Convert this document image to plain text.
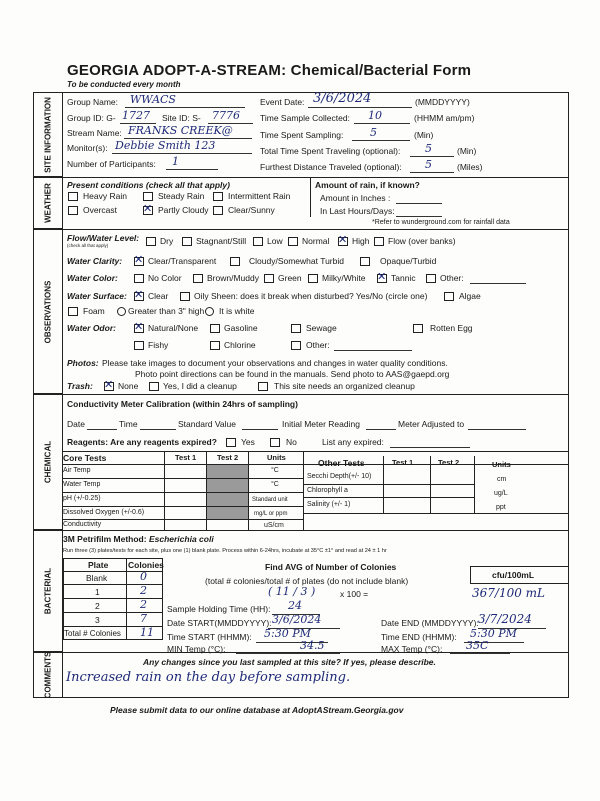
GEORGIA ADOPT-A-STREAM: Chemical/Bacterial Form
To be conducted every month
SITE INFORMATION
WEATHER
OBSERVATIONS
CHEMICAL
BACTERIAL
COMMENTS
Group Name: WWACS
Group ID: G- 1727 Site ID: S- 7776
Stream Name: FRANKS CREEK@
Monitor(s): Debbie Smith 123
Number of Participants: 1
Event Date: 3/6/2024	(MMDDYYYY)
Time Sample Collected: 10	(HHMM am/pm)
Time Spent Sampling: 5	(Min)
Total Time Spent Traveling (optional): 5	(Min)
Furthest Distance Traveled (optional): 5	(Miles)
Present conditions (check all that apply)
Heavy Rain	Steady Rain	Intermittent Rain
Overcast ✕	Partly Cloudy Clear/Sunny
Amount of rain, if known?
Amount in Inches :
In Last Hours/Days:
*Refer to wunderground.com for rainfall data
Flow/Water Level:
(check all that apply)	Dry	Stagnant/Still Low Normal ✕	High Flow (over banks)
Water Clarity: ✕	Clear/Transparent	Cloudy/Somewhat Turbid	Opaque/Turbid
Water Color:	No Color	Brown/Muddy Green Milky/White ✕	Tannic	Other:
Water Surface: ✕ Clear	Oily Sheen: does it break when disturbed? Yes/No (circle one)	Algae
Foam	Greater than 3" high It is white
Water Odor: ✕	Natural/None	Gasoline	Sewage	Rotten Egg
Fishy	Chlorine	Other:
Photos: Please take images to document your observations and changes in water quality conditions.
Photo point directions can be found in the manuals. Send photo to AAS@gaepd.org
Trash: ✕	None	Yes, I did a cleanup	This site needs an organized cleanup
Conductivity Meter Calibration (within 24hrs of sampling)
Date	Time	Standard Value	Initial Meter Reading	Meter Adjusted to
Reagents: Are any reagents expired?	Yes	No	List any expired:
Core Tests	Test 1	Test 2	Units
Air Temp	°C
Water Temp	°C
pH (+/-0.25)	Standard unit
Dissolved Oxygen (+/-0.6)	mg/L or ppm
Conductivity	uS/cm
Other Tests	Test 1	Test 2	Units
Secchi Depth(+/- 10)	cm
Chlorophyll a	ug/L
Salinity (+/- 1)	ppt
3M Petrifilm Method: Escherichia coli
Run three (3) plates/tests for each site, plus one (1) blank plate. Process within 6-24hrs, incubate at 35°C ±1° and read at 24 ± 1 hr
Plate Colonies
Blank	0
1	2
2	2
3	7
Total # Colonies 11
Find AVG of Number of Colonies
(total # colonies/total # of plates (do not include blank)
( 11 / 3 )	x 100 =
cfu/100mL
367/100 mL
Sample Holding Time (HH): 24
Date START(MMDDYYYY): 3/6/2024
Time START (HHMM): 5:30 PM
MIN Temp (°C):	34.5
Date END (MMDDYYYY): 3/7/2024
Time END (HHMM): 5:30 PM
MAX Temp (°C): 35C
Any changes since you last sampled at this site? If yes, please describe.
Increased rain on the day before sampling.
Please submit data to our online database at AdoptAStream.Georgia.gov
